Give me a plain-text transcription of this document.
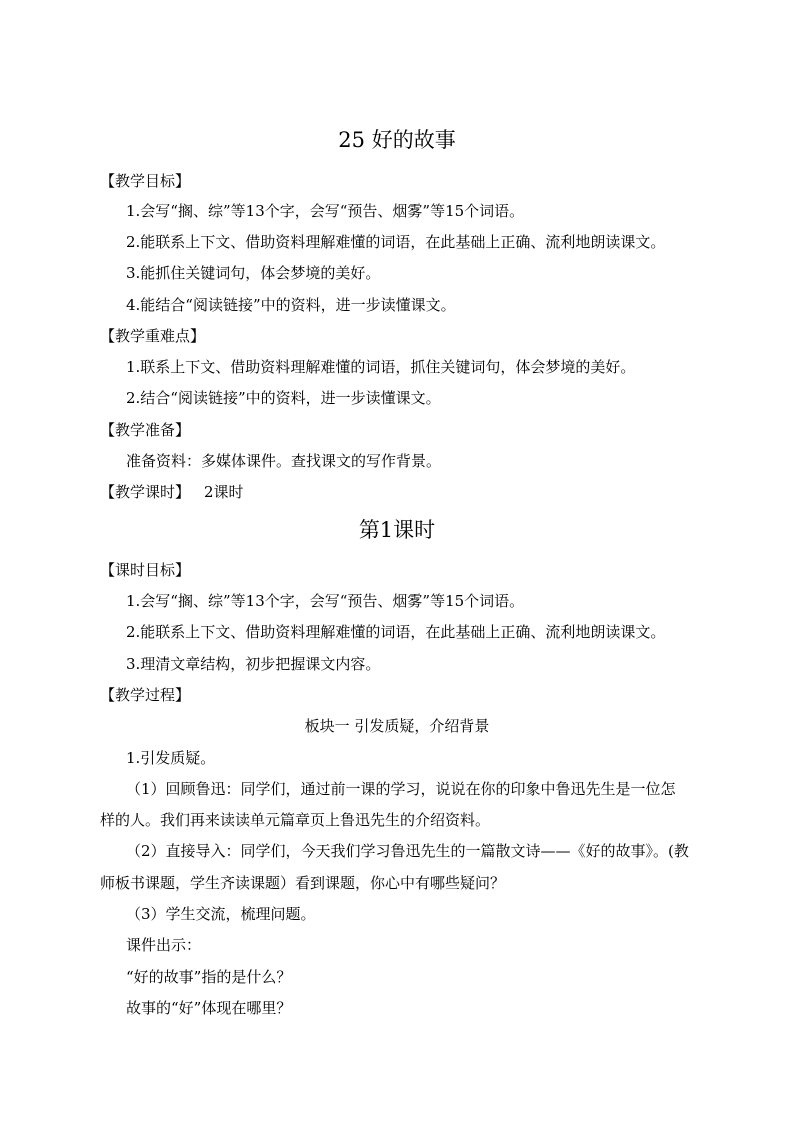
25 好的故事
【教学目标】
1.会写“搁、综”等13个字，会写“预告、烟雾”等15个词语。
2.能联系上下文、借助资料理解难懂的词语，在此基础上正确、流利地朗读课文。
3.能抓住关键词句，体会梦境的美好。
4.能结合“阅读链接”中的资料，进一步读懂课文。
【教学重难点】
1.联系上下文、借助资料理解难懂的词语，抓住关键词句，体会梦境的美好。
2.结合“阅读链接”中的资料，进一步读懂课文。
【教学准备】
准备资料：多媒体课件。查找课文的写作背景。
【教学课时】 2课时
第1课时
【课时目标】
1.会写“搁、综”等13个字，会写“预告、烟雾”等15个词语。
2.能联系上下文、借助资料理解难懂的词语，在此基础上正确、流利地朗读课文。
3.理清文章结构，初步把握课文内容。
【教学过程】
板块一 引发质疑，介绍背景
1.引发质疑。
（1）回顾鲁迅：同学们，通过前一课的学习，说说在你的印象中鲁迅先生是一位怎
样的人。我们再来读读单元篇章页上鲁迅先生的介绍资料。
（2）直接导入：同学们，今天我们学习鲁迅先生的一篇散文诗——《好的故事》。(教
师板书课题，学生齐读课题）看到课题，你心中有哪些疑问？
（3）学生交流，梳理问题。
课件出示：
“好的故事”指的是什么？
故事的“好”体现在哪里？
